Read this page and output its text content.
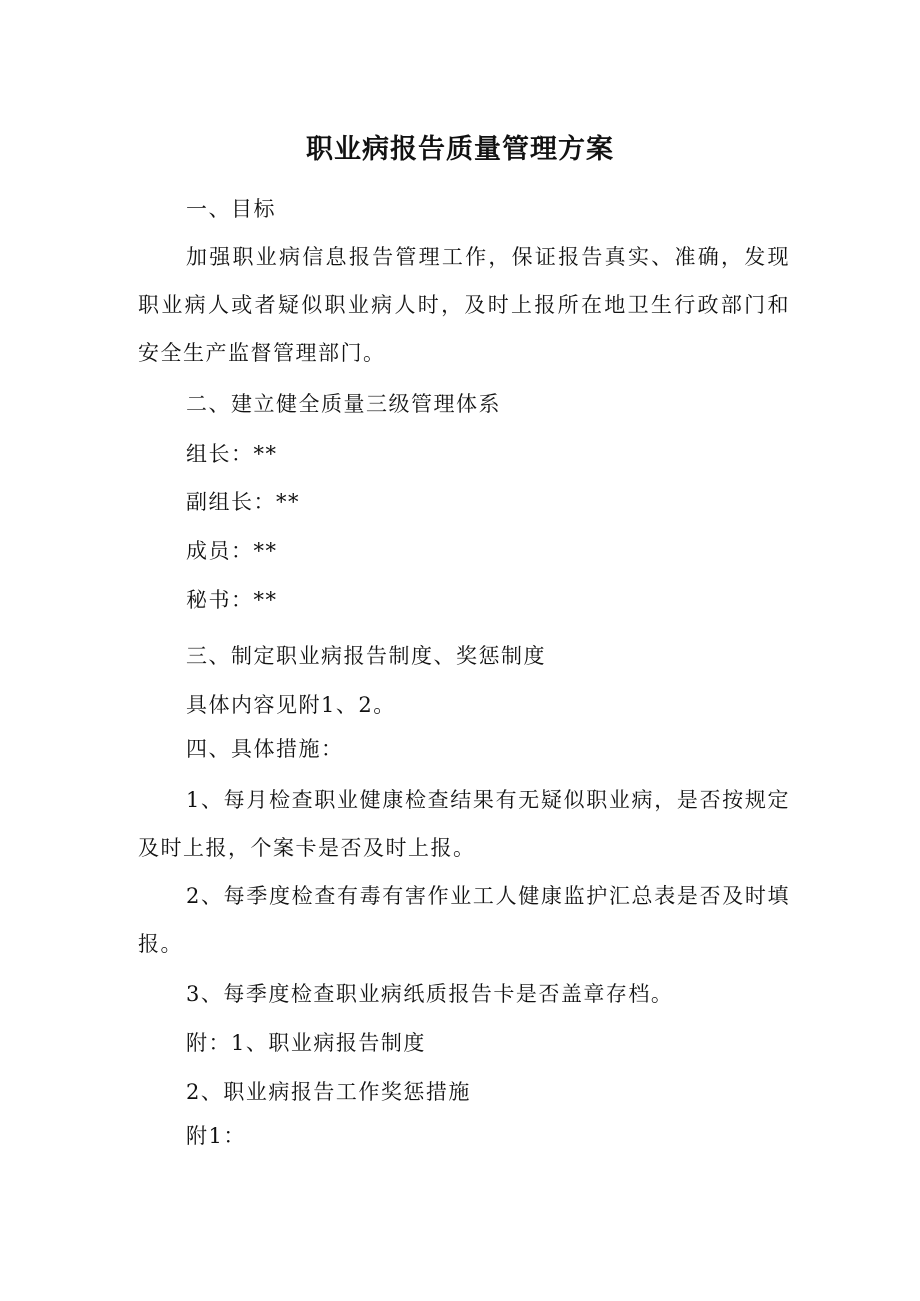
职业病报告质量管理方案

一、目标

加强职业病信息报告管理工作，保证报告真实、准确，发现职业病人或者疑似职业病人时，及时上报所在地卫生行政部门和安全生产监督管理部门。

二、建立健全质量三级管理体系

组长：**

副组长：**

成员：**

秘书：**

三、制定职业病报告制度、奖惩制度

具体内容见附1、2。

四、具体措施：

1、每月检查职业健康检查结果有无疑似职业病，是否按规定及时上报，个案卡是否及时上报。

2、每季度检查有毒有害作业工人健康监护汇总表是否及时填报。

3、每季度检查职业病纸质报告卡是否盖章存档。

附：1、职业病报告制度

2、职业病报告工作奖惩措施

附1：
